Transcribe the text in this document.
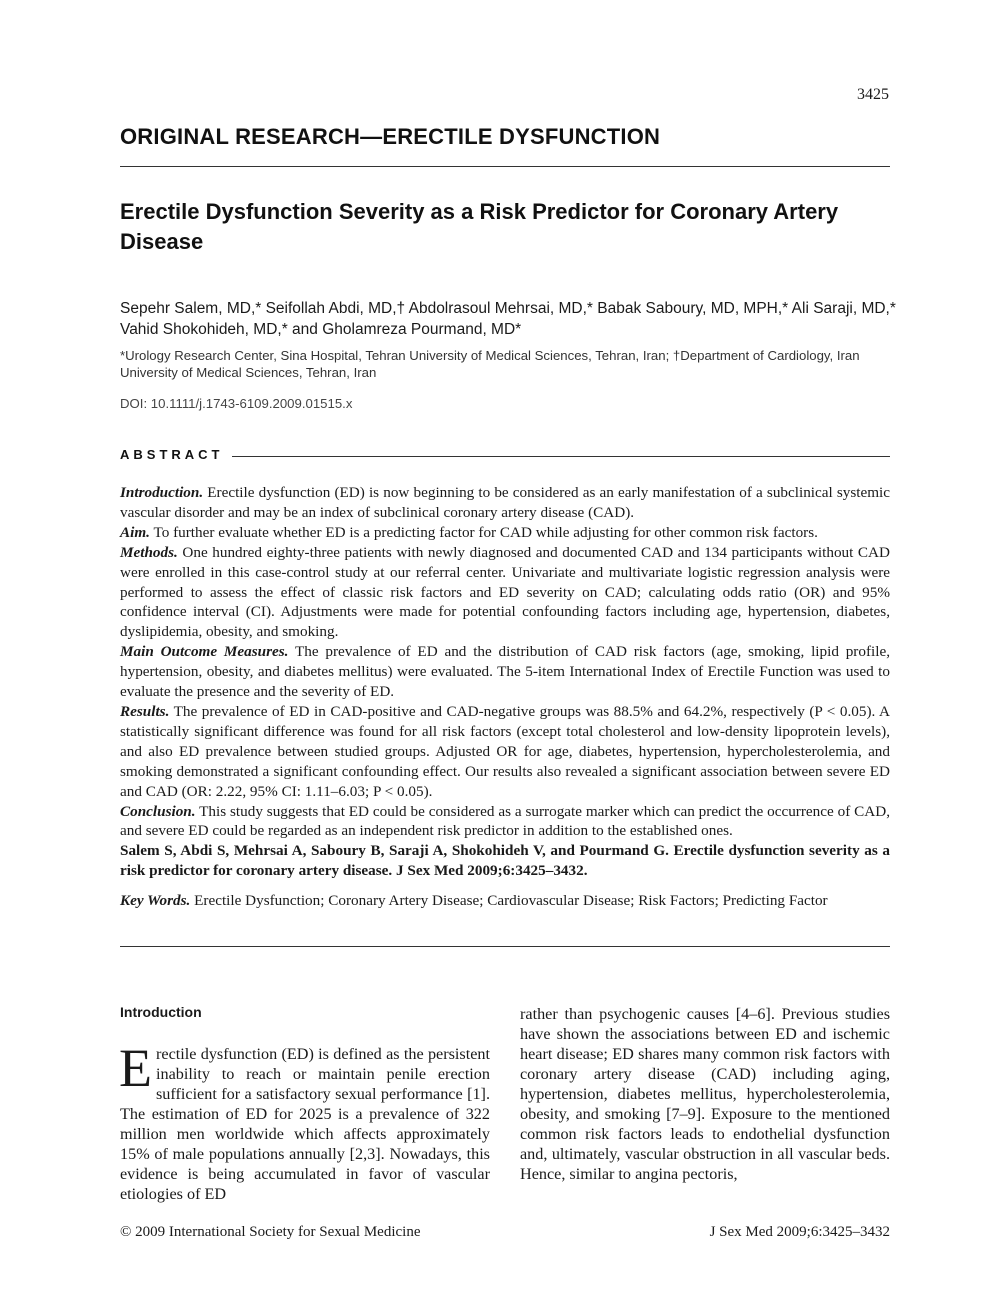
3425
ORIGINAL RESEARCH—ERECTILE DYSFUNCTION
Erectile Dysfunction Severity as a Risk Predictor for Coronary Artery Disease
Sepehr Salem, MD,* Seifollah Abdi, MD,† Abdolrasoul Mehrsai, MD,* Babak Saboury, MD, MPH,* Ali Saraji, MD,* Vahid Shokohideh, MD,* and Gholamreza Pourmand, MD*
*Urology Research Center, Sina Hospital, Tehran University of Medical Sciences, Tehran, Iran; †Department of Cardiology, Iran University of Medical Sciences, Tehran, Iran
DOI: 10.1111/j.1743-6109.2009.01515.x
ABSTRACT

Introduction. Erectile dysfunction (ED) is now beginning to be considered as an early manifestation of a subclinical systemic vascular disorder and may be an index of subclinical coronary artery disease (CAD).

Aim. To further evaluate whether ED is a predicting factor for CAD while adjusting for other common risk factors.

Methods. One hundred eighty-three patients with newly diagnosed and documented CAD and 134 participants without CAD were enrolled in this case-control study at our referral center. Univariate and multivariate logistic regression analysis were performed to assess the effect of classic risk factors and ED severity on CAD; calculating odds ratio (OR) and 95% confidence interval (CI). Adjustments were made for potential confounding factors including age, hypertension, diabetes, dyslipidemia, obesity, and smoking.

Main Outcome Measures. The prevalence of ED and the distribution of CAD risk factors (age, smoking, lipid profile, hypertension, obesity, and diabetes mellitus) were evaluated. The 5-item International Index of Erectile Function was used to evaluate the presence and the severity of ED.

Results. The prevalence of ED in CAD-positive and CAD-negative groups was 88.5% and 64.2%, respectively (P < 0.05). A statistically significant difference was found for all risk factors (except total cholesterol and low-density lipoprotein levels), and also ED prevalence between studied groups. Adjusted OR for age, diabetes, hypertension, hypercholesterolemia, and smoking demonstrated a significant confounding effect. Our results also revealed a significant association between severe ED and CAD (OR: 2.22, 95% CI: 1.11–6.03; P < 0.05).

Conclusion. This study suggests that ED could be considered as a surrogate marker which can predict the occurrence of CAD, and severe ED could be regarded as an independent risk predictor in addition to the established ones.

Salem S, Abdi S, Mehrsai A, Saboury B, Saraji A, Shokohideh V, and Pourmand G. Erectile dysfunction severity as a risk predictor for coronary artery disease. J Sex Med 2009;6:3425–3432.

Key Words. Erectile Dysfunction; Coronary Artery Disease; Cardiovascular Disease; Risk Factors; Predicting Factor
Introduction

Erectile dysfunction (ED) is defined as the persistent inability to reach or maintain penile erection sufficient for a satisfactory sexual performance [1]. The estimation of ED for 2025 is a prevalence of 322 million men worldwide which affects approximately 15% of male populations annually [2,3]. Nowadays, this evidence is being accumulated in favor of vascular etiologies of ED

rather than psychogenic causes [4–6]. Previous studies have shown the associations between ED and ischemic heart disease; ED shares many common risk factors with coronary artery disease (CAD) including aging, hypertension, diabetes mellitus, hypercholesterolemia, obesity, and smoking [7–9]. Exposure to the mentioned common risk factors leads to endothelial dysfunction and, ultimately, vascular obstruction in all vascular beds. Hence, similar to angina pectoris,

© 2009 International Society for Sexual Medicine	J Sex Med 2009;6:3425–3432
